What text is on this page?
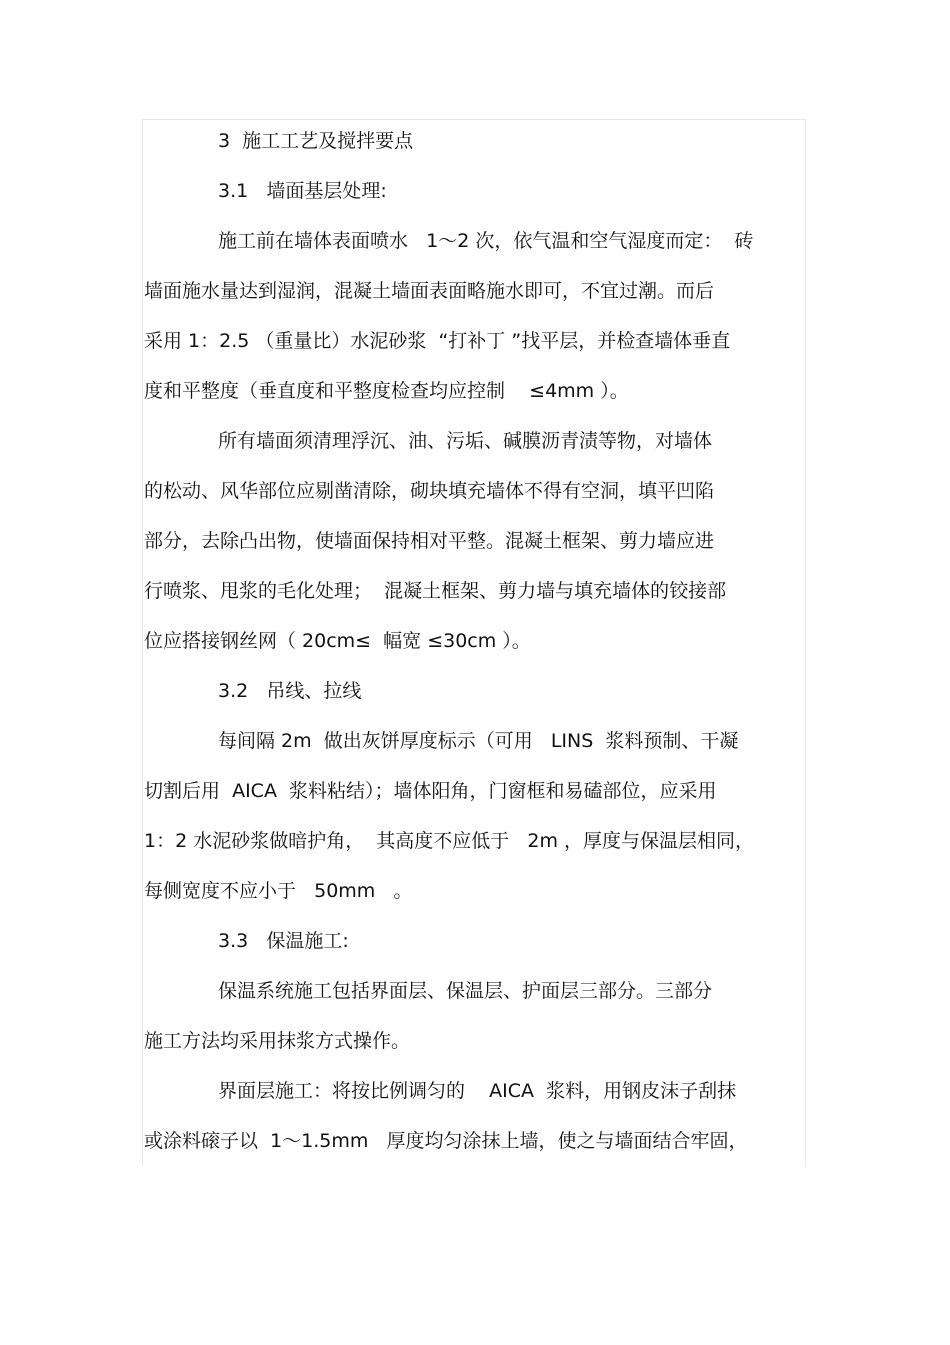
3  施工工艺及搅拌要点
3.1   墙面基层处理:
施工前在墙体表面喷水   1～2 次，依气温和空气湿度而定：  砖
墙面施水量达到湿润，混凝土墙面表面略施水即可，不宜过潮。而后
采用 1：2.5 （重量比）水泥砂浆  “打补丁 ”找平层，并检查墙体垂直
度和平整度（垂直度和平整度检查均应控制    ≤4mm ）。
所有墙面须清理浮沉、油、污垢、碱膜沥青渍等物，对墙体
的松动、风华部位应剔凿清除，砌块填充墙体不得有空洞，填平凹陷
部分，去除凸出物，使墙面保持相对平整。混凝土框架、剪力墙应进
行喷浆、甩浆的毛化处理；  混凝土框架、剪力墙与填充墙体的铰接部
位应搭接钢丝网（ 20cm≤  幅宽 ≤30cm ）。
3.2   吊线、拉线
每间隔 2m  做出灰饼厚度标示（可用   LINS  浆料预制、干凝
切割后用  AICA  浆料粘结）；墙体阳角，门窗框和易磕部位，应采用
1：2 水泥砂浆做暗护角，  其高度不应低于   2m ，厚度与保温层相同，
每侧宽度不应小于   50mm   。
3.3   保温施工:
保温系统施工包括界面层、保温层、护面层三部分。三部分
施工方法均采用抹浆方式操作。
界面层施工：将按比例调匀的    AICA  浆料，用钢皮沫子刮抹
或涂料磙子以  1～1.5mm   厚度均匀涂抹上墙，使之与墙面结合牢固，
